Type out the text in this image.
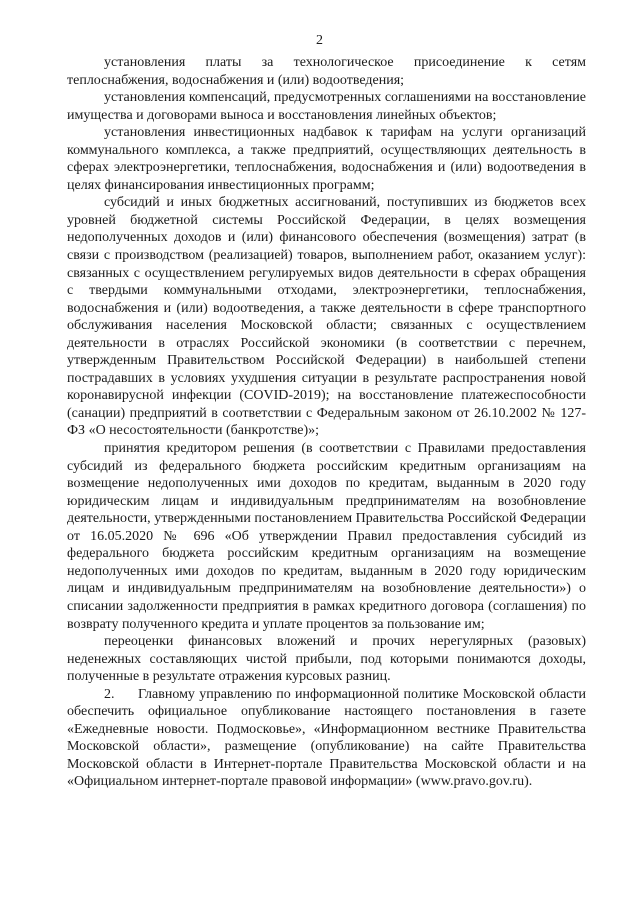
2

установления платы за технологическое присоединение к сетям теплоснабжения, водоснабжения и (или) водоотведения;

установления компенсаций, предусмотренных соглашениями на восстановление имущества и договорами выноса и восстановления линейных объектов;

установления инвестиционных надбавок к тарифам на услуги организаций коммунального комплекса, а также предприятий, осуществляющих деятельность в сферах электроэнергетики, теплоснабжения, водоснабжения и (или) водоотведения в целях финансирования инвестиционных программ;

субсидий и иных бюджетных ассигнований, поступивших из бюджетов всех уровней бюджетной системы Российской Федерации, в целях возмещения недополученных доходов и (или) финансового обеспечения (возмещения) затрат (в связи с производством (реализацией) товаров, выполнением работ, оказанием услуг): связанных с осуществлением регулируемых видов деятельности в сферах обращения с твердыми коммунальными отходами, электроэнергетики, теплоснабжения, водоснабжения и (или) водоотведения, а также деятельности в сфере транспортного обслуживания населения Московской области; связанных с осуществлением деятельности в отраслях Российской экономики (в соответствии с перечнем, утвержденным Правительством Российской Федерации) в наибольшей степени пострадавших в условиях ухудшения ситуации в результате распространения новой коронавирусной инфекции (COVID-2019); на восстановление платежеспособности (санации) предприятий в соответствии с Федеральным законом от 26.10.2002 № 127-ФЗ «О несостоятельности (банкротстве)»;

принятия кредитором решения (в соответствии с Правилами предоставления субсидий из федерального бюджета российским кредитным организациям на возмещение недополученных ими доходов по кредитам, выданным в 2020 году юридическим лицам и индивидуальным предпринимателям на возобновление деятельности, утвержденными постановлением Правительства Российской Федерации от 16.05.2020 № 696 «Об утверждении Правил предоставления субсидий из федерального бюджета российским кредитным организациям на возмещение недополученных ими доходов по кредитам, выданным в 2020 году юридическим лицам и индивидуальным предпринимателям на возобновление деятельности») о списании задолженности предприятия в рамках кредитного договора (соглашения) по возврату полученного кредита и уплате процентов за пользование им;

переоценки финансовых вложений и прочих нерегулярных (разовых) неденежных составляющих чистой прибыли, под которыми понимаются доходы, полученные в результате отражения курсовых разниц.

2. Главному управлению по информационной политике Московской области обеспечить официальное опубликование настоящего постановления в газете «Ежедневные новости. Подмосковье», «Информационном вестнике Правительства Московской области», размещение (опубликование) на сайте Правительства Московской области в Интернет-портале Правительства Московской области и на «Официальном интернет-портале правовой информации» (www.pravo.gov.ru).
